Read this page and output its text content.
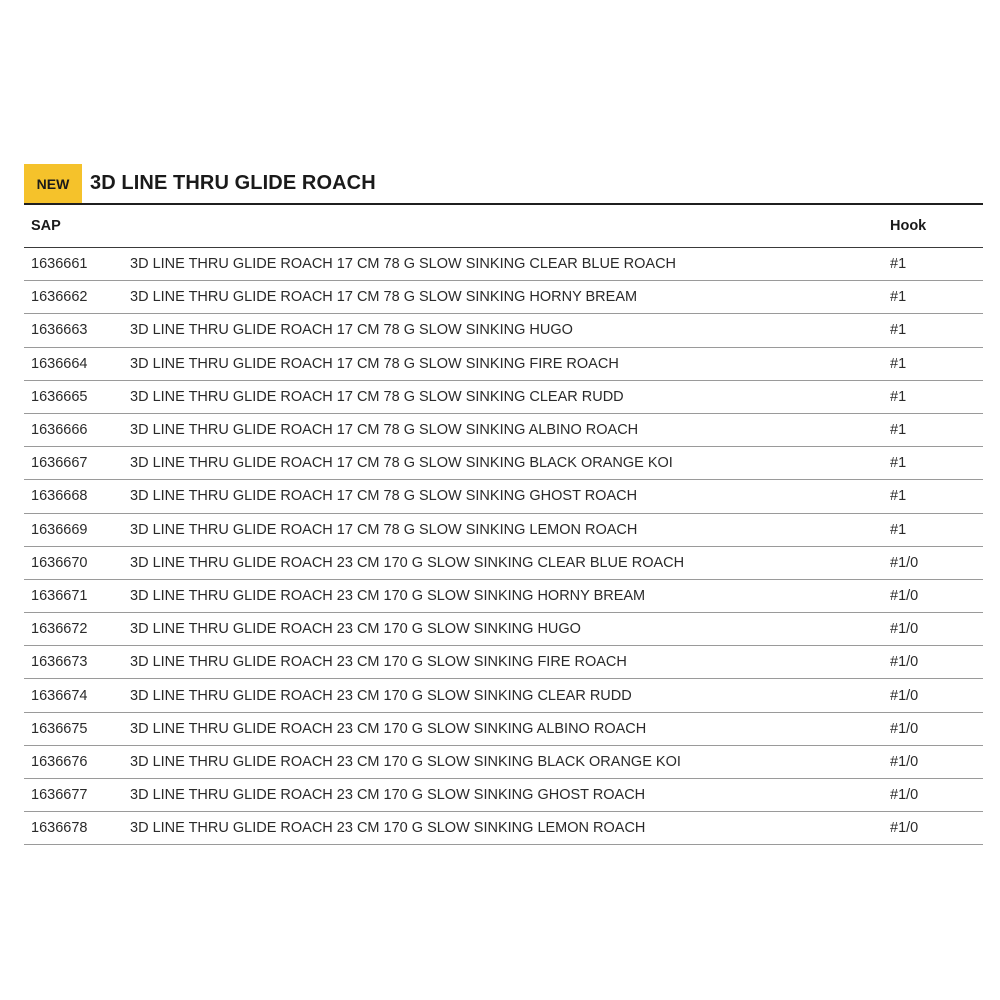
NEW	3D LINE THRU GLIDE ROACH
SAP	Hook
1636661	3D LINE THRU GLIDE ROACH 17 CM 78 G SLOW SINKING CLEAR BLUE ROACH	#1
1636662	3D LINE THRU GLIDE ROACH 17 CM 78 G SLOW SINKING HORNY BREAM	#1
1636663	3D LINE THRU GLIDE ROACH 17 CM 78 G SLOW SINKING HUGO	#1
1636664	3D LINE THRU GLIDE ROACH 17 CM 78 G SLOW SINKING FIRE ROACH	#1
1636665	3D LINE THRU GLIDE ROACH 17 CM 78 G SLOW SINKING CLEAR RUDD	#1
1636666	3D LINE THRU GLIDE ROACH 17 CM 78 G SLOW SINKING ALBINO ROACH	#1
1636667	3D LINE THRU GLIDE ROACH 17 CM 78 G SLOW SINKING BLACK ORANGE KOI	#1
1636668	3D LINE THRU GLIDE ROACH 17 CM 78 G SLOW SINKING GHOST ROACH	#1
1636669	3D LINE THRU GLIDE ROACH 17 CM 78 G SLOW SINKING LEMON ROACH	#1
1636670	3D LINE THRU GLIDE ROACH 23 CM 170 G SLOW SINKING CLEAR BLUE ROACH	#1/0
1636671	3D LINE THRU GLIDE ROACH 23 CM 170 G SLOW SINKING HORNY BREAM	#1/0
1636672	3D LINE THRU GLIDE ROACH 23 CM 170 G SLOW SINKING HUGO	#1/0
1636673	3D LINE THRU GLIDE ROACH 23 CM 170 G SLOW SINKING FIRE ROACH	#1/0
1636674	3D LINE THRU GLIDE ROACH 23 CM 170 G SLOW SINKING CLEAR RUDD	#1/0
1636675	3D LINE THRU GLIDE ROACH 23 CM 170 G SLOW SINKING ALBINO ROACH	#1/0
1636676	3D LINE THRU GLIDE ROACH 23 CM 170 G SLOW SINKING BLACK ORANGE KOI	#1/0
1636677	3D LINE THRU GLIDE ROACH 23 CM 170 G SLOW SINKING GHOST ROACH	#1/0
1636678	3D LINE THRU GLIDE ROACH 23 CM 170 G SLOW SINKING LEMON ROACH	#1/0
